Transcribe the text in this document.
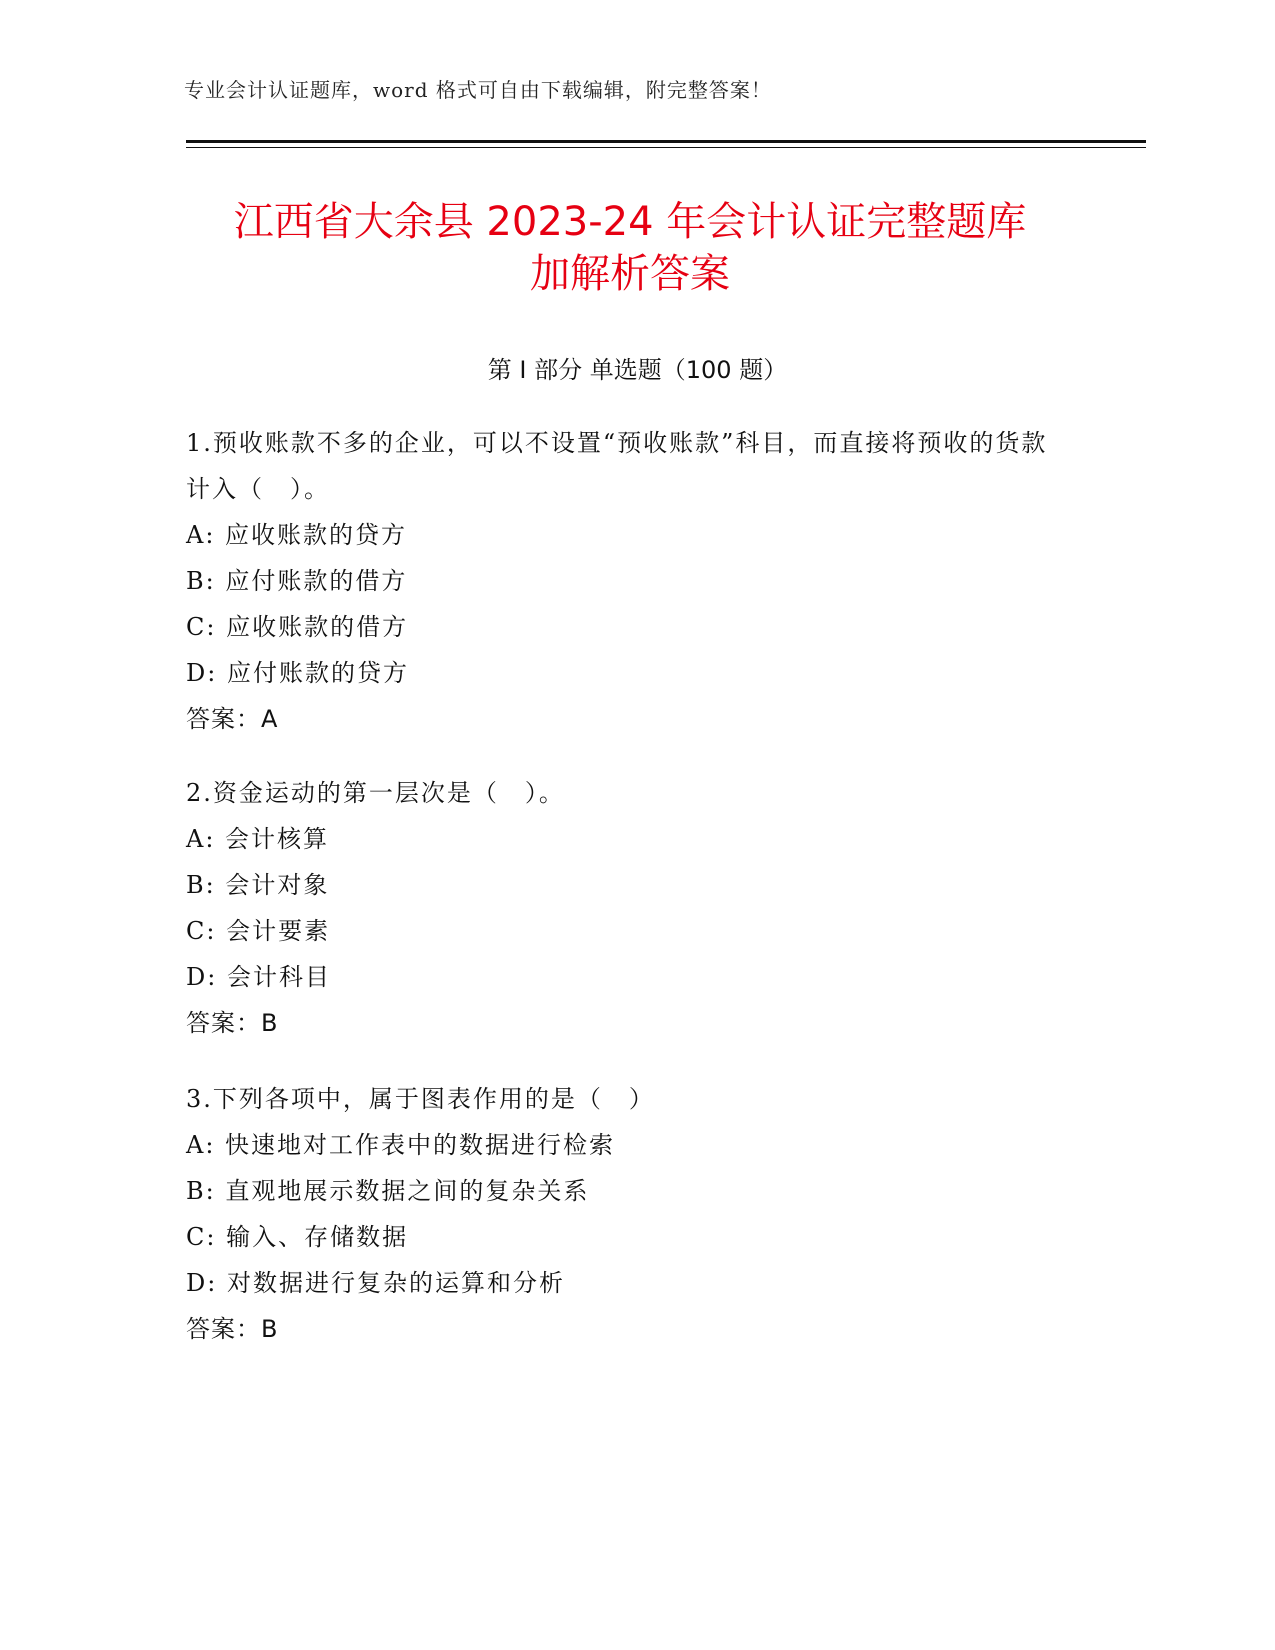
专业会计认证题库，word 格式可自由下载编辑，附完整答案！
江西省大余县 2023-24 年会计认证完整题库
加解析答案
第 I 部分 单选题（100 题）
1.预收账款不多的企业，可以不设置“预收账款”科目，而直接将预收的货款计入（　）。
A: 应收账款的贷方
B: 应付账款的借方
C: 应收账款的借方
D: 应付账款的贷方
答案：A
2.资金运动的第一层次是（　）。
A: 会计核算
B: 会计对象
C: 会计要素
D: 会计科目
答案：B
3.下列各项中，属于图表作用的是（　）
A: 快速地对工作表中的数据进行检索
B: 直观地展示数据之间的复杂关系
C: 输入、存储数据
D: 对数据进行复杂的运算和分析
答案：B
